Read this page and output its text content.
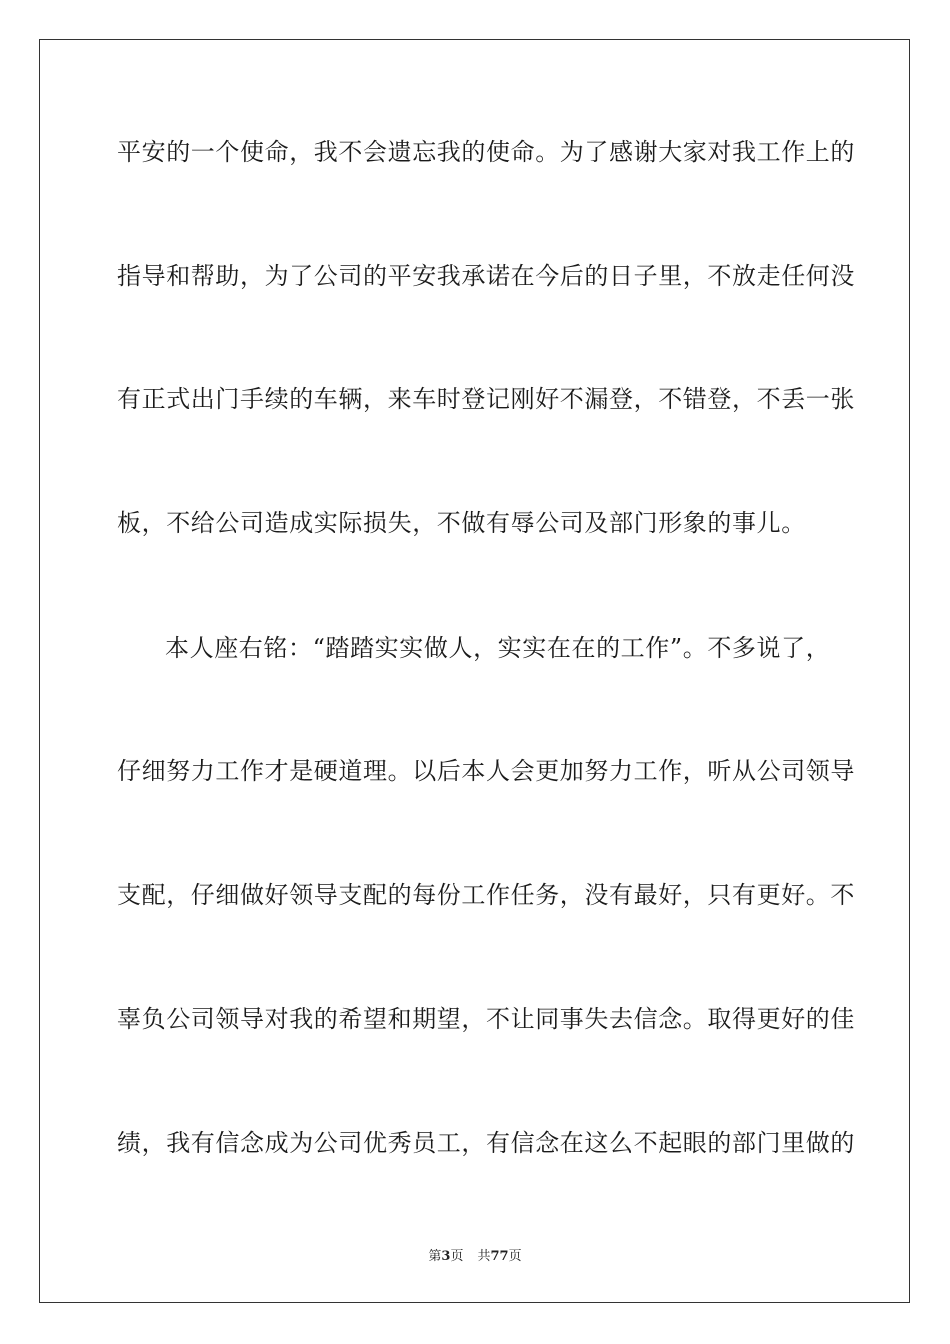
平安的一个使命，我不会遗忘我的使命。为了感谢大家对我工作上的
指导和帮助，为了公司的平安我承诺在今后的日子里，不放走任何没
有正式出门手续的车辆，来车时登记刚好不漏登，不错登，不丢一张
板，不给公司造成实际损失，不做有辱公司及部门形象的事儿。
本人座右铭：“踏踏实实做人，实实在在的工作”。不多说了，
仔细努力工作才是硬道理。以后本人会更加努力工作，听从公司领导
支配，仔细做好领导支配的每份工作任务，没有最好，只有更好。不
辜负公司领导对我的希望和期望，不让同事失去信念。取得更好的佳
绩，我有信念成为公司优秀员工，有信念在这么不起眼的部门里做的
第3页 共77页
